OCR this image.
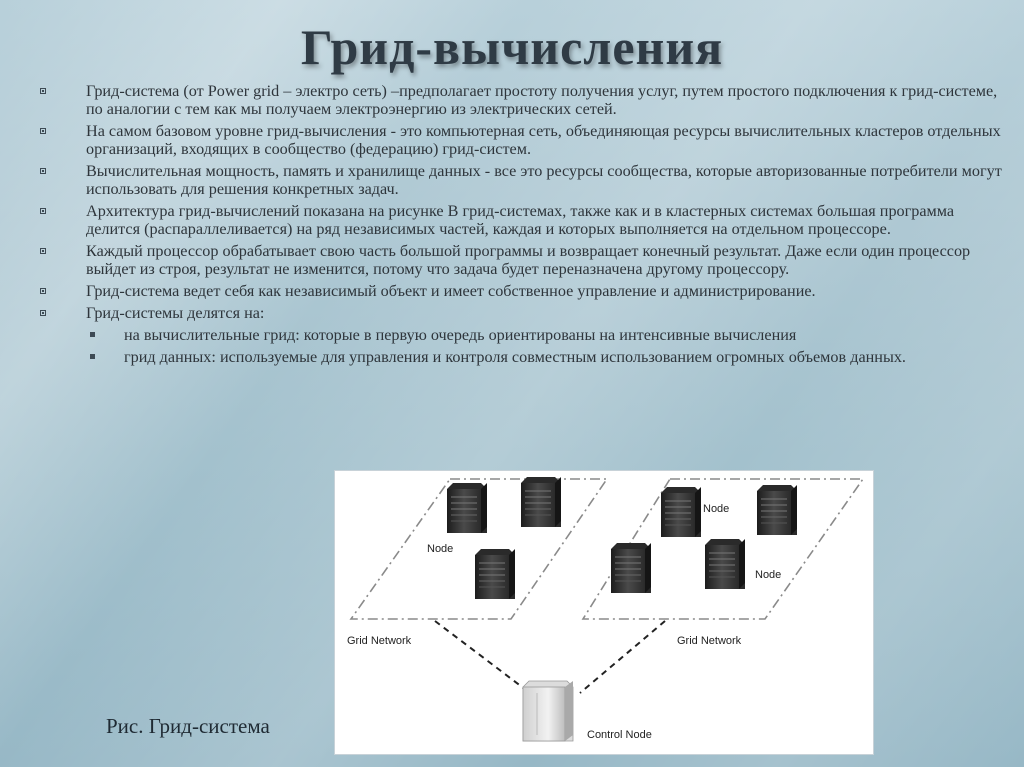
Грид-вычисления
Грид-система (от Power grid – электро сеть) –предполагает простоту получения услуг, путем простого подключения к грид-системе, по аналогии с тем как мы получаем электроэнергию из электрических сетей.
На самом базовом уровне грид-вычисления - это компьютерная сеть, объединяющая ресурсы вычислительных кластеров отдельных организаций, входящих в сообщество (федерацию) грид-систем.
Вычислительная мощность, память и хранилище данных - все это ресурсы сообщества, которые авторизованные потребители могут использовать для решения конкретных задач.
Архитектура грид-вычислений показана на рисунке В грид-системах, также как и в кластерных системах большая программа делится (распараллеливается) на ряд независимых частей, каждая и которых выполняется на отдельном процессоре.
Каждый процессор обрабатывает свою часть большой программы и возвращает конечный результат. Даже если один процессор выйдет из строя, результат не изменится, потому что задача будет переназначена другому процессору.
Грид-система ведет себя как независимый объект и имеет собственное управление и администрирование.
Грид-системы делятся на:
на вычислительные грид: которые в первую очередь ориентированы на интенсивные вычисления
грид данных: используемые для управления и контроля совместным использованием огромных объемов данных.
Node
Node
Node
Grid Network	Grid Network
Control Node
Рис. Грид-система
